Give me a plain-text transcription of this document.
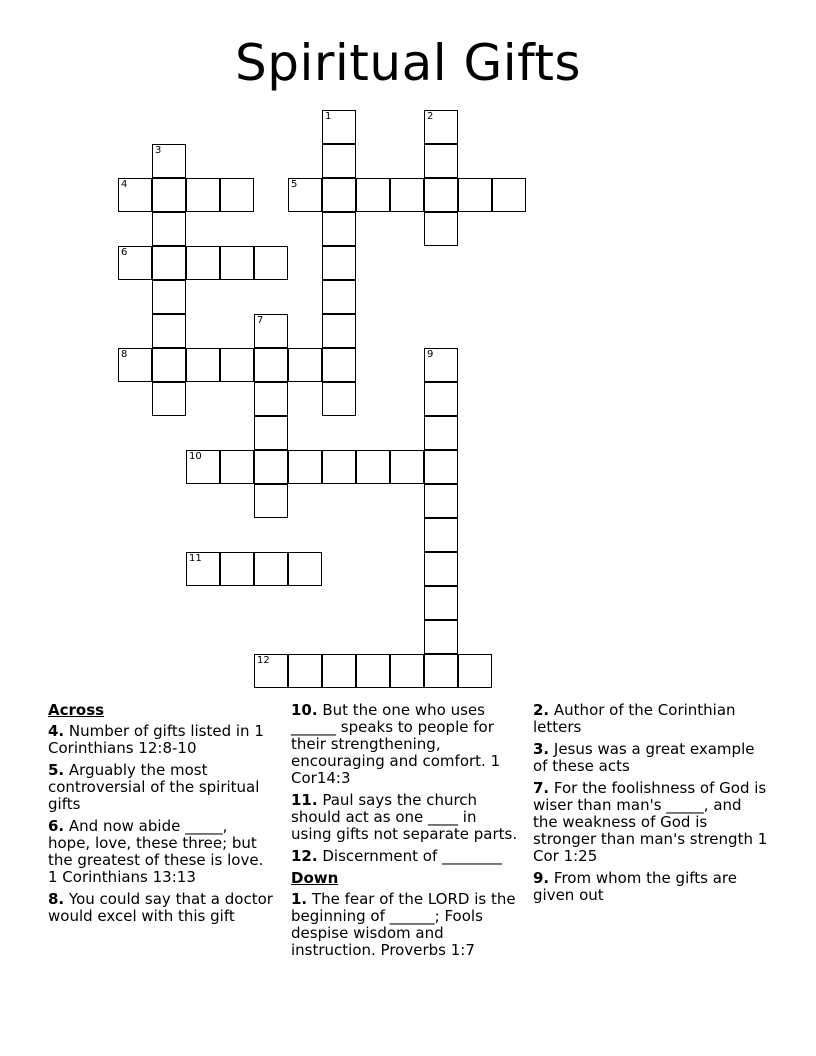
Spiritual Gifts
1	2
3
4	5
6
7
8	9
10
11
12
Across
4. Number of gifts listed in 1 Corinthians 12:8-10
5. Arguably the most controversial of the spiritual gifts
6. And now abide _____, hope, love, these three; but the greatest of these is love. 1 Corinthians 13:13
8. You could say that a doctor would excel with this gift
10. But the one who uses ______ speaks to people for their strengthening, encouraging and comfort. 1 Cor14:3
11. Paul says the church should act as one ____ in using gifts not separate parts.
12. Discernment of ________
Down
1. The fear of the LORD is the beginning of ______; Fools despise wisdom and instruction. Proverbs 1:7
2. Author of the Corinthian letters
3. Jesus was a great example of these acts
7. For the foolishness of God is wiser than man's _____, and the weakness of God is stronger than man's strength 1 Cor 1:25
9. From whom the gifts are given out
